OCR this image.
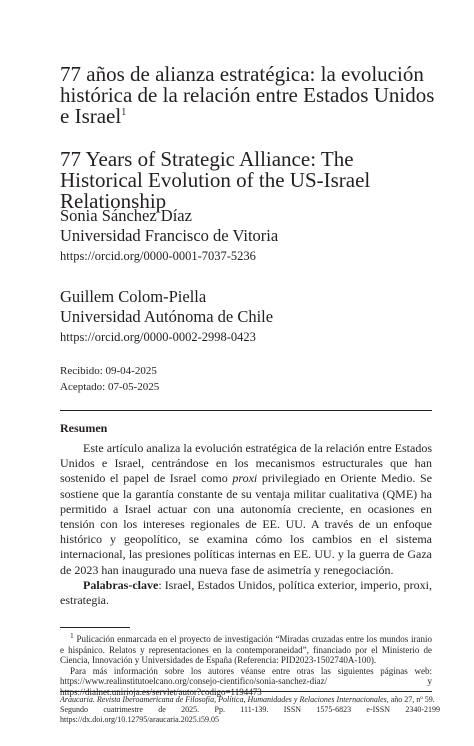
77 años de alianza estratégica: la evolución histórica de la relación entre Estados Unidos e Israel$^1$
77 Years of Strategic Alliance: The Historical Evolution of the US-Israel Relationship
Sonia Sánchez Díaz
Universidad Francisco de Vitoria
https://orcid.org/0000-0001-7037-5236
Guillem Colom-Piella
Universidad Autónoma de Chile
https://orcid.org/0000-0002-2998-0423
Recibido: 09-04-2025
Aceptado: 07-05-2025
Resumen

Este artículo analiza la evolución estratégica de la relación entre Estados Unidos e Israel, centrándose en los mecanismos estructurales que han sostenido el papel de Israel como proxi privilegiado en Oriente Medio. Se sostiene que la garantía constante de su ventaja militar cualitativa (QME) ha permitido a Israel actuar con una autonomía creciente, en ocasiones en tensión con los intereses regionales de EE. UU. A través de un enfoque histórico y geopolítico, se examina cómo los cambios en el sistema internacional, las presiones políticas internas en EE. UU. y la guerra de Gaza de 2023 han inaugurado una nueva fase de asimetría y renegociación.

Palabras-clave: Israel, Estados Unidos, política exterior, imperio, proxi, estrategia.

$^1$ Pulicación enmarcada en el proyecto de investigación “Miradas cruzadas entre los mundos iranio e hispánico. Relatos y representaciones en la contemporaneidad”, financiado por el Ministerio de Ciencia, Innovación y Universidades de España (Referencia: PID2023-1502740A-100).

Para más información sobre los autores véanse entre otras las siguientes páginas web: https://www.realinstitutoelcano.org/consejo-cientifico/sonia-sanchez-diaz/ y https://dialnet.unirioja.es/servlet/autor?codigo=1194473

Araucaria. Revista Iberoamericana de Filosofía, Política, Humanidades y Relaciones Internacionales, año 27, nº 59.
Segundo cuatrimestre de 2025. Pp. 111-139. ISSN 1575-6823 e-ISSN 2340-2199 https://dx.doi.org/10.12795/araucaria.2025.i59.05
